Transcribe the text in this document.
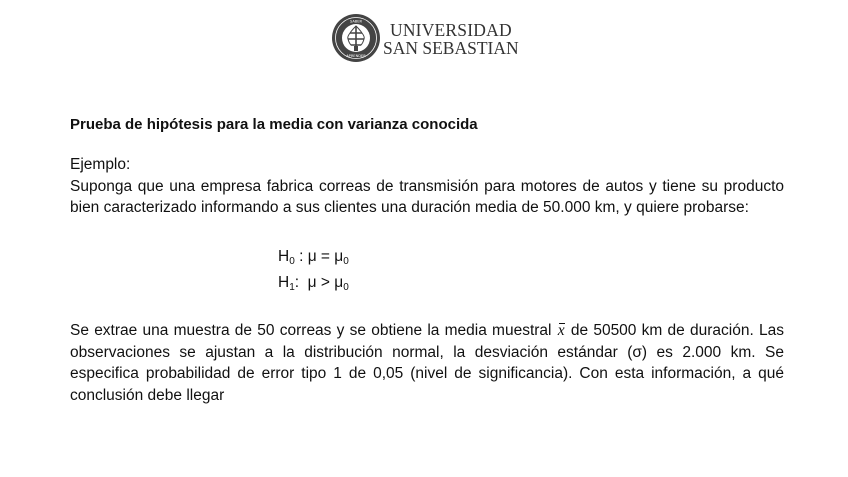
SABER
APRENDER
UNIVERSIDAD
SAN SEBASTIAN
Prueba de hipótesis para la media con varianza conocida
Ejemplo:
Suponga que una empresa fabrica correas de transmisión para motores de autos y tiene su producto bien caracterizado informando a sus clientes una duración media de 50.000 km, y quiere probarse:
$H_0$ : $\mu = \mu_0$
$H_1$:  $\mu > \mu_0$
Se extrae una muestra de 50 correas y se obtiene la media muestral x de 50500 km de duración. Las observaciones se ajustan a la distribución normal, la desviación estándar (σ) es 2.000 km. Se especifica probabilidad de error tipo 1 de 0,05 (nivel de significancia). Con esta información, a qué conclusión debe llegar
